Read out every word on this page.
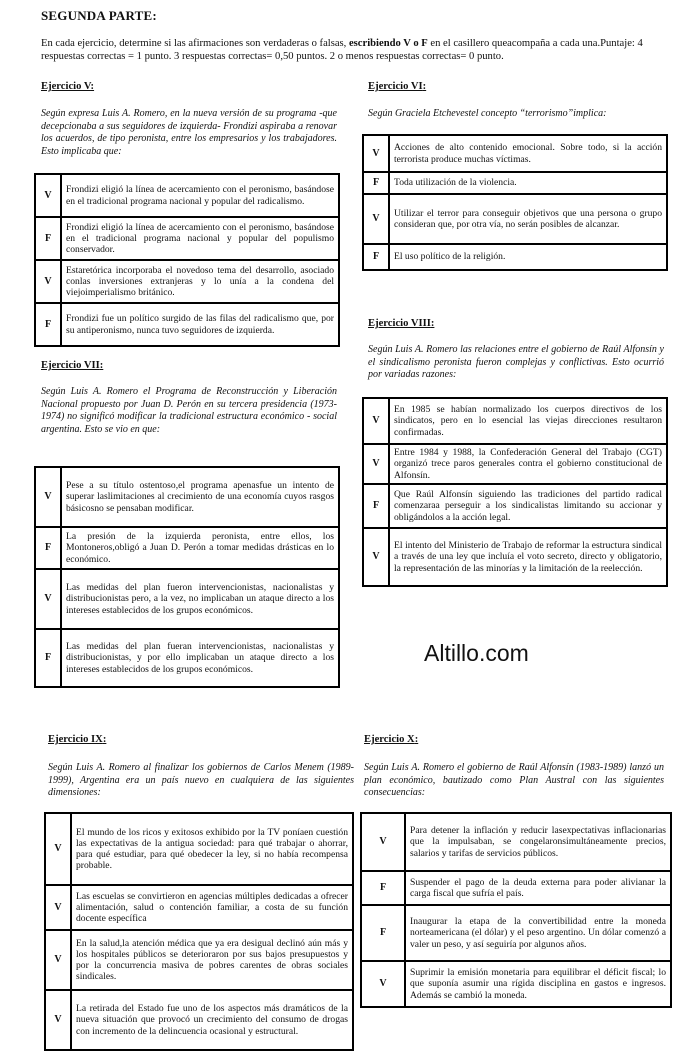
SEGUNDA PARTE:
En cada ejercicio, determine si las afirmaciones son verdaderas o falsas, escribiendo V o F en el casillero queacompaña a cada una.Puntaje: 4 respuestas correctas = 1 punto. 3 respuestas correctas= 0,50 puntos. 2 o menos respuestas correctas= 0 punto.
Ejercicio V:
Según expresa Luis A. Romero, en la nueva versión de su programa -que decepcionaba a sus seguidores de izquierda- Frondizi aspiraba a renovar los acuerdos, de tipo peronista, entre los empresarios y los trabajadores. Esto implicaba que:
V	Frondizi eligió la línea de acercamiento con el peronismo, basándose en el tradicional programa nacional y popular del radicalismo.
F	Frondizi eligió la línea de acercamiento con el peronismo, basándose en el tradicional programa nacional y popular del populismo conservador.
V	Estaretórica incorporaba el novedoso tema del desarrollo, asociado conlas inversiones extranjeras y lo unía a la condena del viejoimperialismo británico.
F	Frondizi fue un político surgido de las filas del radicalismo que, por su antiperonismo, nunca tuvo seguidores de izquierda.
Ejercicio VI:
Según Graciela Etchevestel concepto “terrorismo”implica:
V	Acciones de alto contenido emocional. Sobre todo, si la acción terrorista produce muchas víctimas.
F	Toda utilización de la violencia.
V	Utilizar el terror para conseguir objetivos que una persona o grupo consideran que, por otra vía, no serán posibles de alcanzar.
F	El uso político de la religión.
Ejercicio VII:
Según Luis A. Romero el Programa de Reconstrucción y Liberación Nacional propuesto por Juan D. Perón en su tercera presidencia (1973-1974) no significó modificar la tradicional estructura económico - social argentina. Esto se vio en que:
V	Pese a su título ostentoso,el programa apenasfue un intento de superar laslimitaciones al crecimiento de una economía cuyos rasgos básicosno se pensaban modificar.
F	La presión de la izquierda peronista, entre ellos, los Montoneros,obligó a Juan D. Perón a tomar medidas drásticas en lo económico.
V	Las medidas del plan fueron intervencionistas, nacionalistas y distribucionistas pero, a la vez, no implicaban un ataque directo a los intereses establecidos de los grupos económicos.
F	Las medidas del plan fueran intervencionistas, nacionalistas y distribucionistas, y por ello implicaban un ataque directo a los intereses establecidos de los grupos económicos.
Ejercicio VIII:
Según Luis A. Romero las relaciones entre el gobierno de Raúl Alfonsín y el sindicalismo peronista fueron complejas y conflictivas. Esto ocurrió por variadas razones:
V	En 1985 se habían normalizado los cuerpos directivos de los sindicatos, pero en lo esencial las viejas direcciones resultaron confirmadas.
V	Entre 1984 y 1988, la Confederación General del Trabajo (CGT) organizó trece paros generales contra el gobierno constitucional de Alfonsín.
F	Que Raúl Alfonsín siguiendo las tradiciones del partido radical comenzaraa perseguir a los sindicalistas limitando su accionar y obligándolos a la acción legal.
V	El intento del Ministerio de Trabajo de reformar la estructura sindical a través de una ley que incluía el voto secreto, directo y obligatorio, la representación de las minorías y la limitación de la reelección.
Altillo.com
Ejercicio IX:
Según Luis A. Romero al finalizar los gobiernos de Carlos Menem (1989-1999), Argentina era un país nuevo en cualquiera de las siguientes dimensiones:
V	El mundo de los ricos y exitosos exhibido por la TV poníaen cuestión las expectativas de la antigua sociedad: para qué trabajar o ahorrar, para qué estudiar, para qué obedecer la ley, si no había recompensa probable.
V	Las escuelas se convirtieron en agencias múltiples dedicadas a ofrecer alimentación, salud o contención familiar, a costa de su función docente específica
V	En la salud,la atención médica que ya era desigual declinó aún más y los hospitales públicos se deterioraron por sus bajos presupuestos y por la concurrencia masiva de pobres carentes de obras sociales sindicales.
V	La retirada del Estado fue uno de los aspectos más dramáticos de la nueva situación que provocó un crecimiento del consumo de drogas con incremento de la delincuencia ocasional y estructural.
Ejercicio X:
Según Luis A. Romero el gobierno de Raúl Alfonsín (1983-1989) lanzó un plan económico, bautizado como Plan Austral con las siguientes consecuencias:
V	Para detener la inflación y reducir lasexpectativas inflacionarias que la impulsaban, se congelaronsimultáneamente precios, salarios y tarifas de servicios públicos.
F	Suspender el pago de la deuda externa para poder alivianar la carga fiscal que sufría el país.
F	Inaugurar la etapa de la convertibilidad entre la moneda norteamericana (el dólar) y el peso argentino. Un dólar comenzó a valer un peso, y así seguiría por algunos años.
V	Suprimir la emisión monetaria para equilibrar el déficit fiscal; lo que suponía asumir una rígida disciplina en gastos e ingresos. Además se cambió la moneda.
